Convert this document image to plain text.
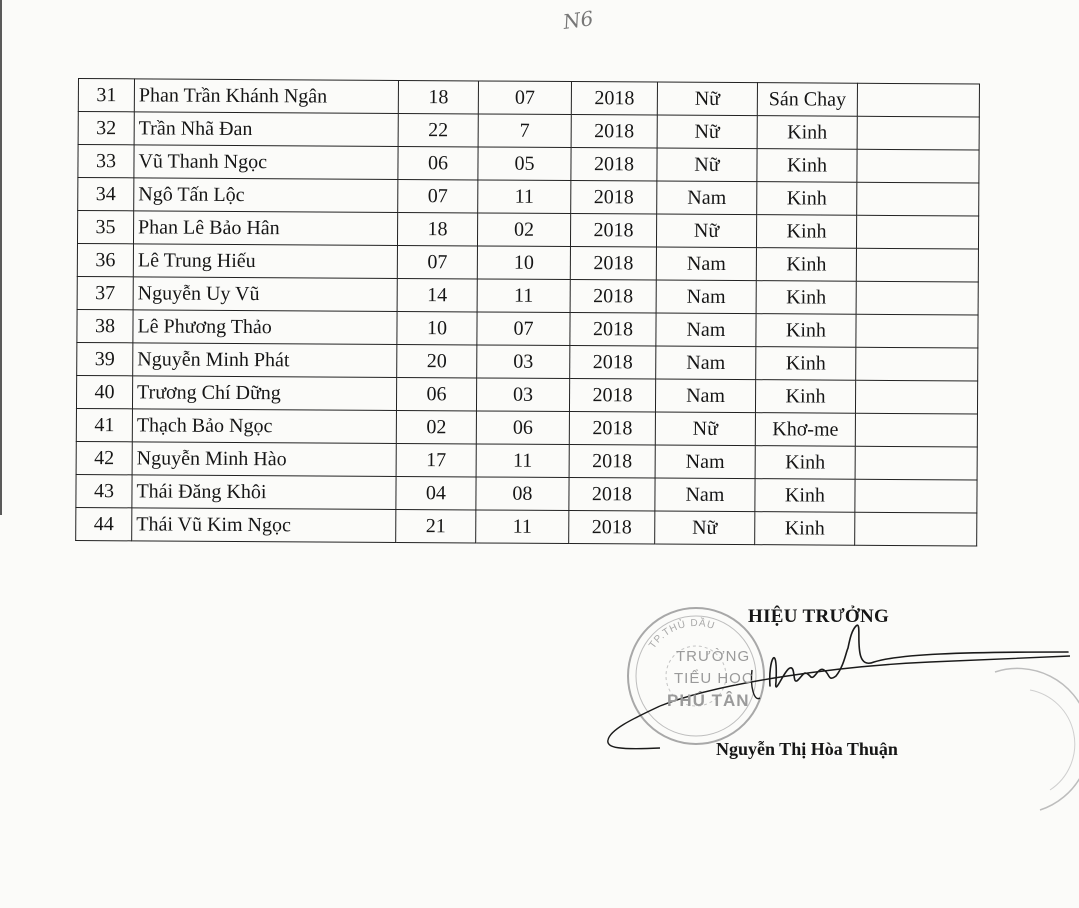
N6
31	Phan Trần Khánh Ngân	18	07	2018	Nữ	Sán Chay	
32	Trần Nhã Đan	22	7	2018	Nữ	Kinh	
33	Vũ Thanh Ngọc	06	05	2018	Nữ	Kinh	
34	Ngô Tấn Lộc	07	11	2018	Nam	Kinh	
35	Phan Lê Bảo Hân	18	02	2018	Nữ	Kinh	
36	Lê Trung Hiếu	07	10	2018	Nam	Kinh	
37	Nguyễn Uy Vũ	14	11	2018	Nam	Kinh	
38	Lê Phương Thảo	10	07	2018	Nam	Kinh	
39	Nguyễn Minh Phát	20	03	2018	Nam	Kinh	
40	Trương Chí Dững	06	03	2018	Nam	Kinh	
41	Thạch Bảo Ngọc	02	06	2018	Nữ	Khơ-me	
42	Nguyễn Minh Hào	17	11	2018	Nam	Kinh	
43	Thái Đăng Khôi	04	08	2018	Nam	Kinh	
44	Thái Vũ Kim Ngọc	21	11	2018	Nữ	Kinh	
TP.THỦ DẦU
TRƯỜNG
TIỂU HỌC
PHÚ TÂN
HIỆU TRƯỞNG
Nguyễn Thị Hòa Thuận
